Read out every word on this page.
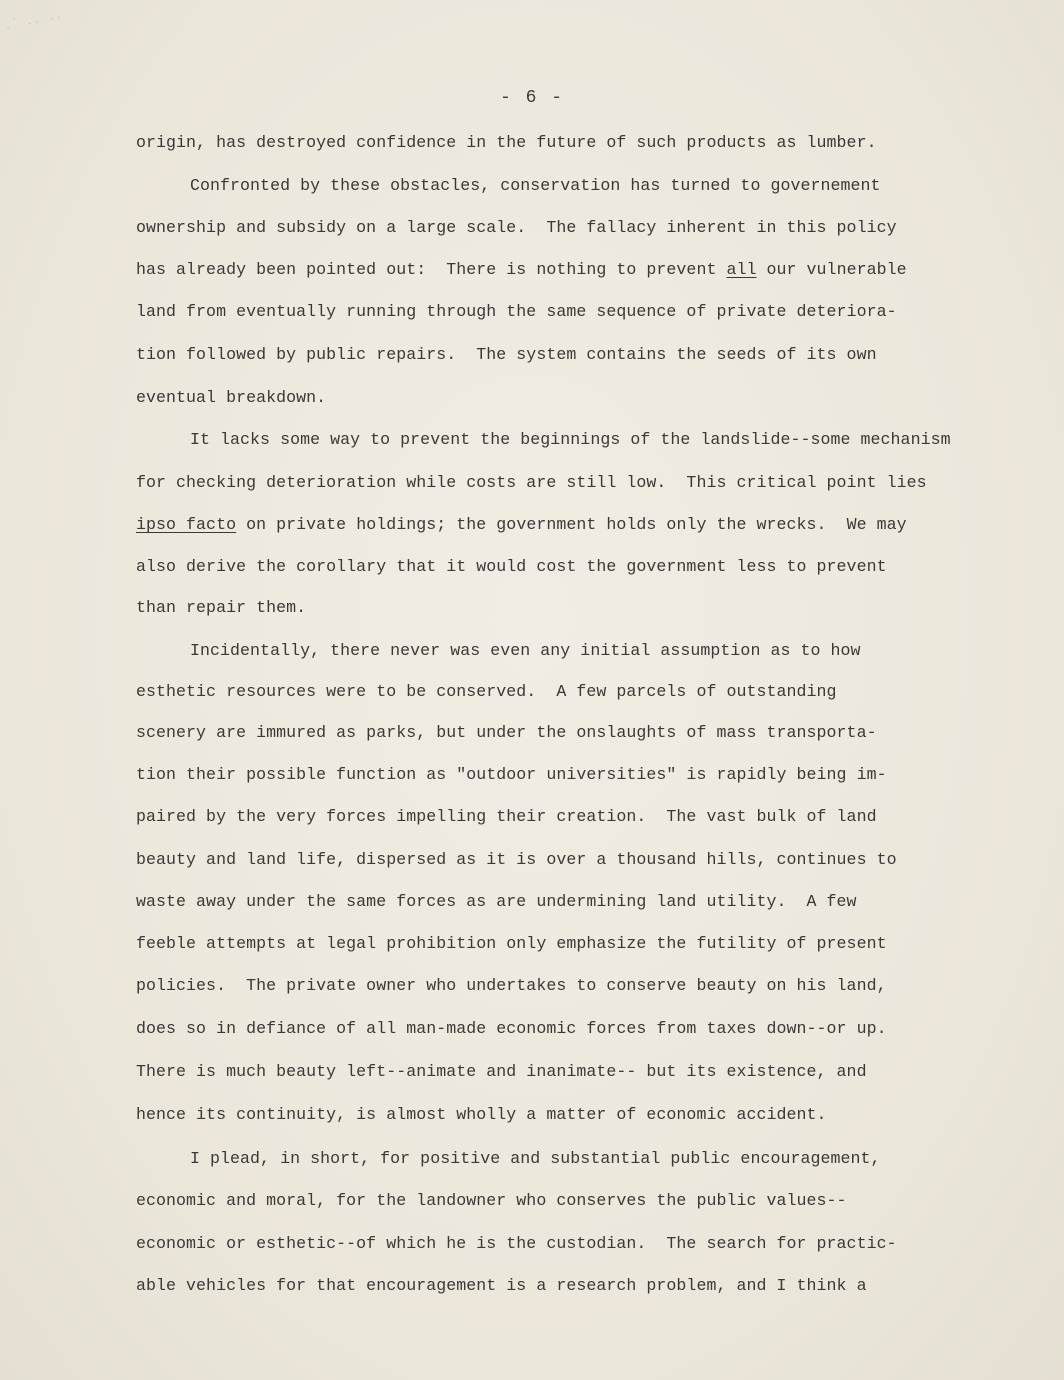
ˎ΄ ˎˎ ˎˎ
- 6 -
origin, has destroyed confidence in the future of such products as lumber.
Confronted by these obstacles, conservation has turned to governement
ownership and subsidy on a large scale.  The fallacy inherent in this policy
has already been pointed out:  There is nothing to prevent all our vulnerable
land from eventually running through the same sequence of private deteriora-
tion followed by public repairs.  The system contains the seeds of its own
eventual breakdown.
It lacks some way to prevent the beginnings of the landslide--some mechanism
for checking deterioration while costs are still low.  This critical point lies
ipso facto on private holdings; the government holds only the wrecks.  We may
also derive the corollary that it would cost the government less to prevent
than repair them.
Incidentally, there never was even any initial assumption as to how
esthetic resources were to be conserved.  A few parcels of outstanding
scenery are immured as parks, but under the onslaughts of mass transporta-
tion their possible function as "outdoor universities" is rapidly being im-
paired by the very forces impelling their creation.  The vast bulk of land
beauty and land life, dispersed as it is over a thousand hills, continues to
waste away under the same forces as are undermining land utility.  A few
feeble attempts at legal prohibition only emphasize the futility of present
policies.  The private owner who undertakes to conserve beauty on his land,
does so in defiance of all man-made economic forces from taxes down--or up.
There is much beauty left--animate and inanimate-- but its existence, and
hence its continuity, is almost wholly a matter of economic accident.
I plead, in short, for positive and substantial public encouragement,
economic and moral, for the landowner who conserves the public values--
economic or esthetic--of which he is the custodian.  The search for practic-
able vehicles for that encouragement is a research problem, and I think a
